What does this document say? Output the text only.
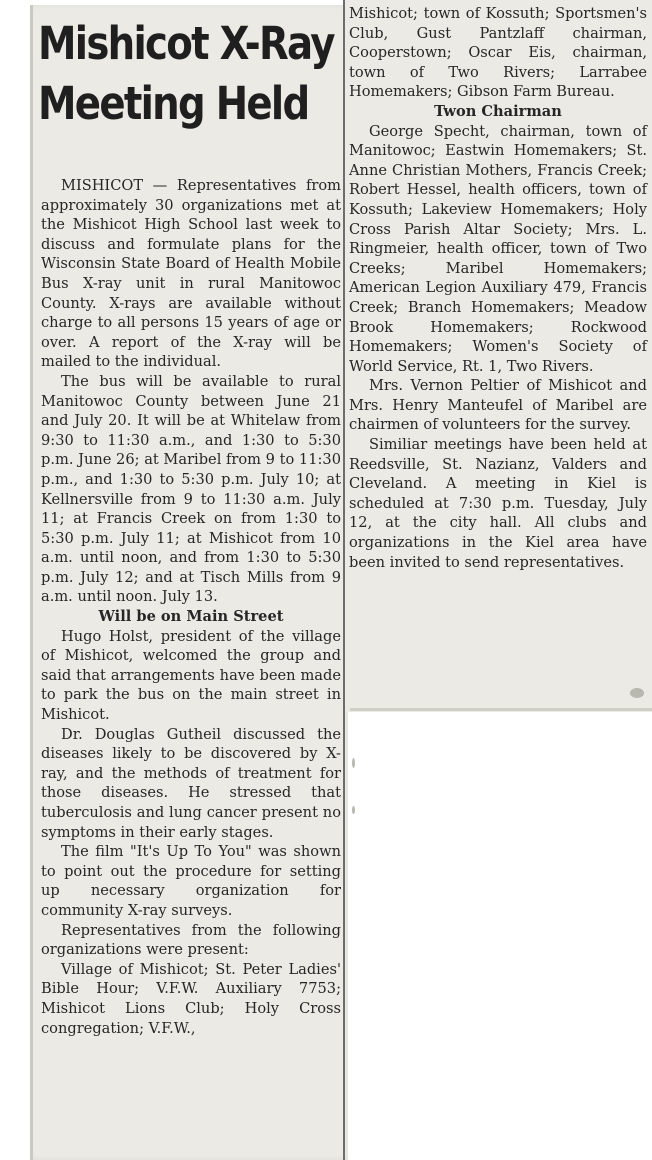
Mishicot X-Ray
Meeting Held

MISHICOT — Representatives from approximately 30 organizations met at the Mishicot High School last week to discuss and formulate plans for the Wisconsin State Board of Health Mobile Bus X-ray unit in rural Manitowoc County. X-rays are available without charge to all persons 15 years of age or over. A report of the X-ray will be mailed to the individual.

The bus will be available to rural Manitowoc County between June 21 and July 20. It will be at Whitelaw from 9:30 to 11:30 a.m., and 1:30 to 5:30 p.m. June 26; at Maribel from 9 to 11:30 p.m., and 1:30 to 5:30 p.m. July 10; at Kellnersville from 9 to 11:30 a.m. July 11; at Francis Creek on from 1:30 to 5:30 p.m. July 11; at Mishicot from 10 a.m. until noon, and from 1:30 to 5:30 p.m. July 12; and at Tisch Mills from 9 a.m. until noon. July 13.

Will be on Main Street

Hugo Holst, president of the village of Mishicot, welcomed the group and said that arrangements have been made to park the bus on the main street in Mishicot.

Dr. Douglas Gutheil discussed the diseases likely to be discovered by X-ray, and the methods of treatment for those diseases. He stressed that tuberculosis and lung cancer present no symptoms in their early stages.

The film "It's Up To You" was shown to point out the procedure for setting up necessary organization for community X-ray surveys.

Representatives from the following organizations were present:

Village of Mishicot; St. Peter Ladies' Bible Hour; V.F.W. Auxiliary 7753; Mishicot Lions Club; Holy Cross congregation; V.F.W.,

Mishicot; town of Kossuth; Sportsmen's Club, Gust Pantzlaff chairman, Cooperstown; Oscar Eis, chairman, town of Two Rivers; Larrabee Homemakers; Gibson Farm Bureau.

Twon Chairman

George Specht, chairman, town of Manitowoc; Eastwin Homemakers; St. Anne Christian Mothers, Francis Creek; Robert Hessel, health officers, town of Kossuth; Lakeview Homemakers; Holy Cross Parish Altar Society; Mrs. L. Ringmeier, health officer, town of Two Creeks; Maribel Homemakers; American Legion Auxiliary 479, Francis Creek; Branch Homemakers; Meadow Brook Homemakers; Rockwood Homemakers; Women's Society of World Service, Rt. 1, Two Rivers.

Mrs. Vernon Peltier of Mishicot and Mrs. Henry Manteufel of Maribel are chairmen of volunteers for the survey.

Similiar meetings have been held at Reedsville, St. Nazianz, Valders and Cleveland. A meeting in Kiel is scheduled at 7:30 p.m. Tuesday, July 12, at the city hall. All clubs and organizations in the Kiel area have been invited to send representatives.
